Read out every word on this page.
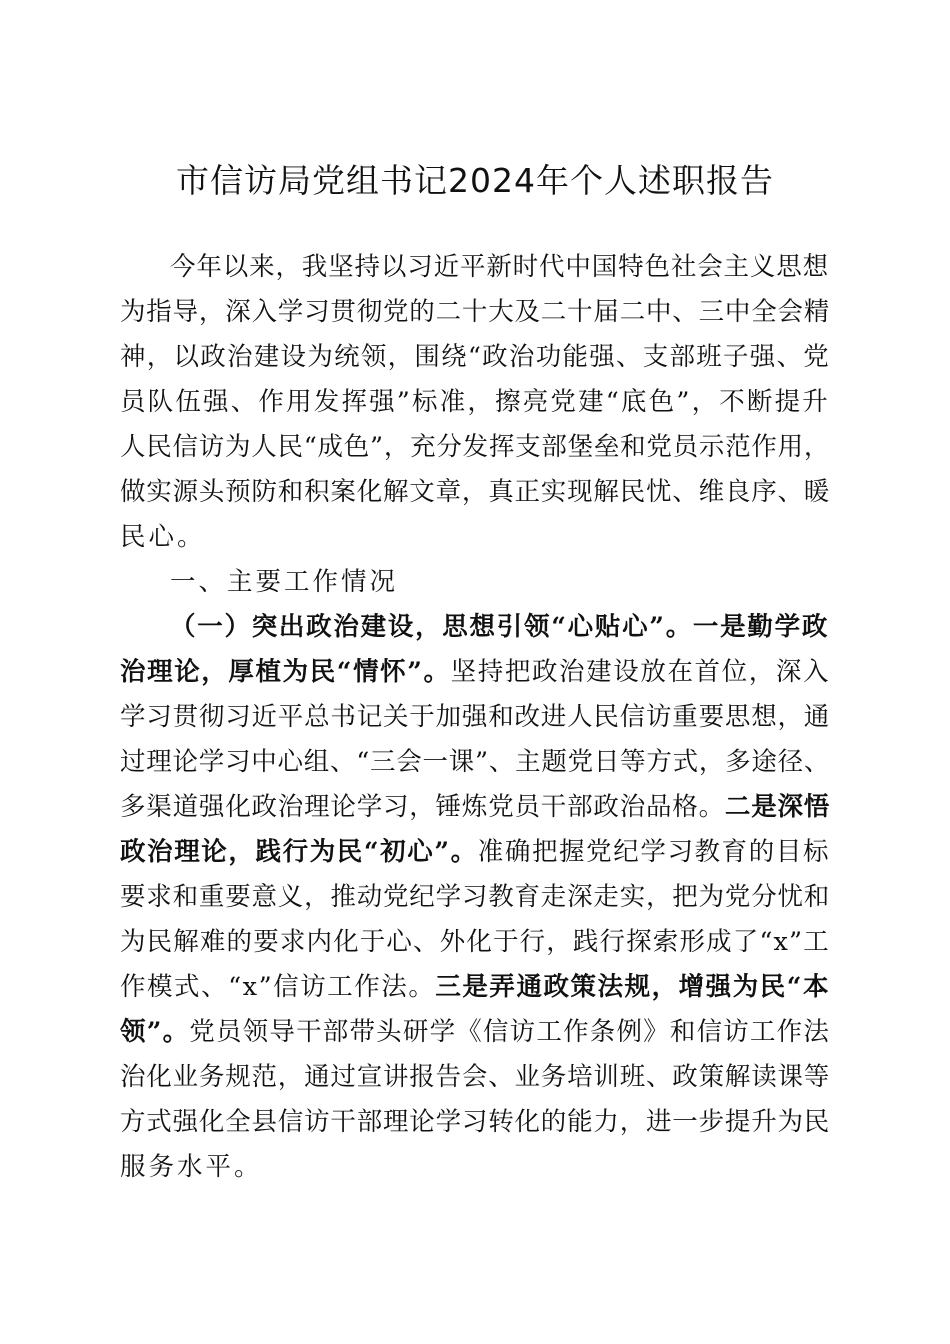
市信访局党组书记2024年个人述职报告
今年以来，我坚持以习近平新时代中国特色社会主义思想
为指导，深入学习贯彻党的二十大及二十届二中、三中全会精
神，以政治建设为统领，围绕“政治功能强、支部班子强、党
员队伍强、作用发挥强”标准，擦亮党建“底色”，不断提升
人民信访为人民“成色”，充分发挥支部堡垒和党员示范作用，
做实源头预防和积案化解文章，真正实现解民忧、维良序、暖
民心。
一、主要工作情况
（一）突出政治建设，思想引领“心贴心”。一是勤学政
治理论，厚植为民“情怀”。坚持把政治建设放在首位，深入
学习贯彻习近平总书记关于加强和改进人民信访重要思想，通
过理论学习中心组、“三会一课”、主题党日等方式，多途径、
多渠道强化政治理论学习，锤炼党员干部政治品格。二是深悟
政治理论，践行为民“初心”。准确把握党纪学习教育的目标
要求和重要意义，推动党纪学习教育走深走实，把为党分忧和
为民解难的要求内化于心、外化于行，践行探索形成了“x”工
作模式、“x”信访工作法。三是弄通政策法规，增强为民“本
领”。党员领导干部带头研学《信访工作条例》和信访工作法
治化业务规范，通过宣讲报告会、业务培训班、政策解读课等
方式强化全县信访干部理论学习转化的能力，进一步提升为民
服务水平。
